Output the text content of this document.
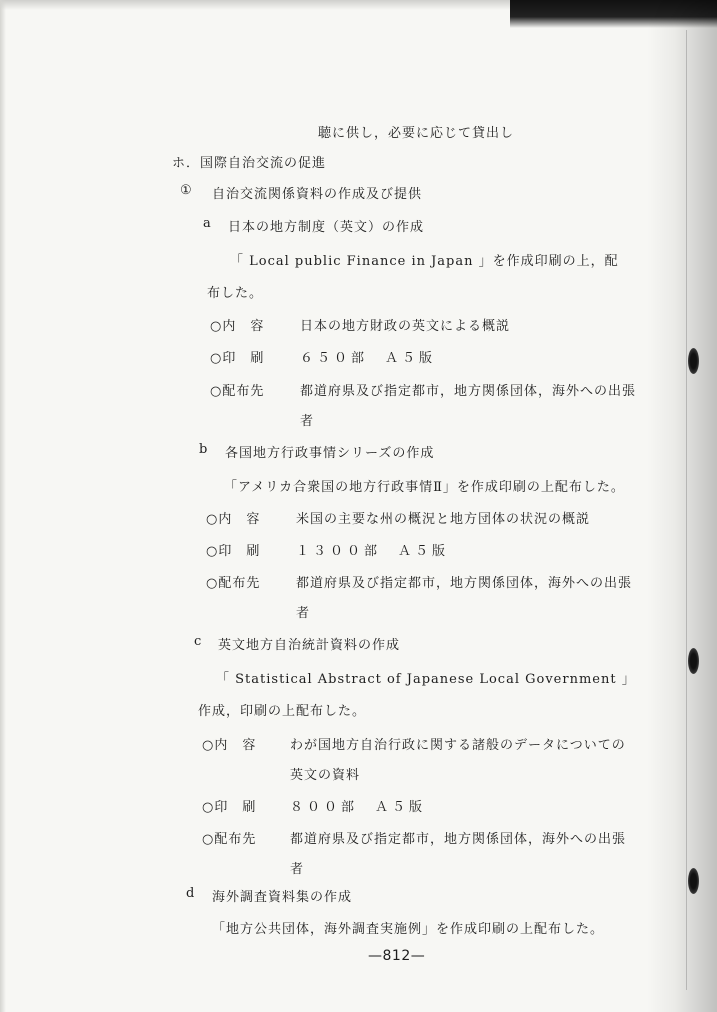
聴に供し，必要に応じて貸出し
ホ．国際自治交流の促進
① 自治交流関係資料の作成及び提供
a 日本の地方制度（英文）の作成
「 Local public Finance in Japan 」を作成印刷の上，配
布した。
○内　容	日本の地方財政の英文による概説
○印　刷	６５０部　Ａ５版
○配布先	都道府県及び指定都市，地方関係団体，海外への出張
者
b 各国地方行政事情シリーズの作成
「アメリカ合衆国の地方行政事情Ⅱ」を作成印刷の上配布した。
○内　容	米国の主要な州の概況と地方団体の状況の概説
○印　刷	１３００部　Ａ５版
○配布先	都道府県及び指定都市，地方関係団体，海外への出張
者
c 英文地方自治統計資料の作成
「 Statistical Abstract of Japanese Local Government 」
作成，印刷の上配布した。
○内　容	わが国地方自治行政に関する諸般のデータについての
英文の資料
○印　刷	８００部　Ａ５版
○配布先	都道府県及び指定都市，地方関係団体，海外への出張
者
d 海外調査資料集の作成
「地方公共団体，海外調査実施例」を作成印刷の上配布した。
—812—
